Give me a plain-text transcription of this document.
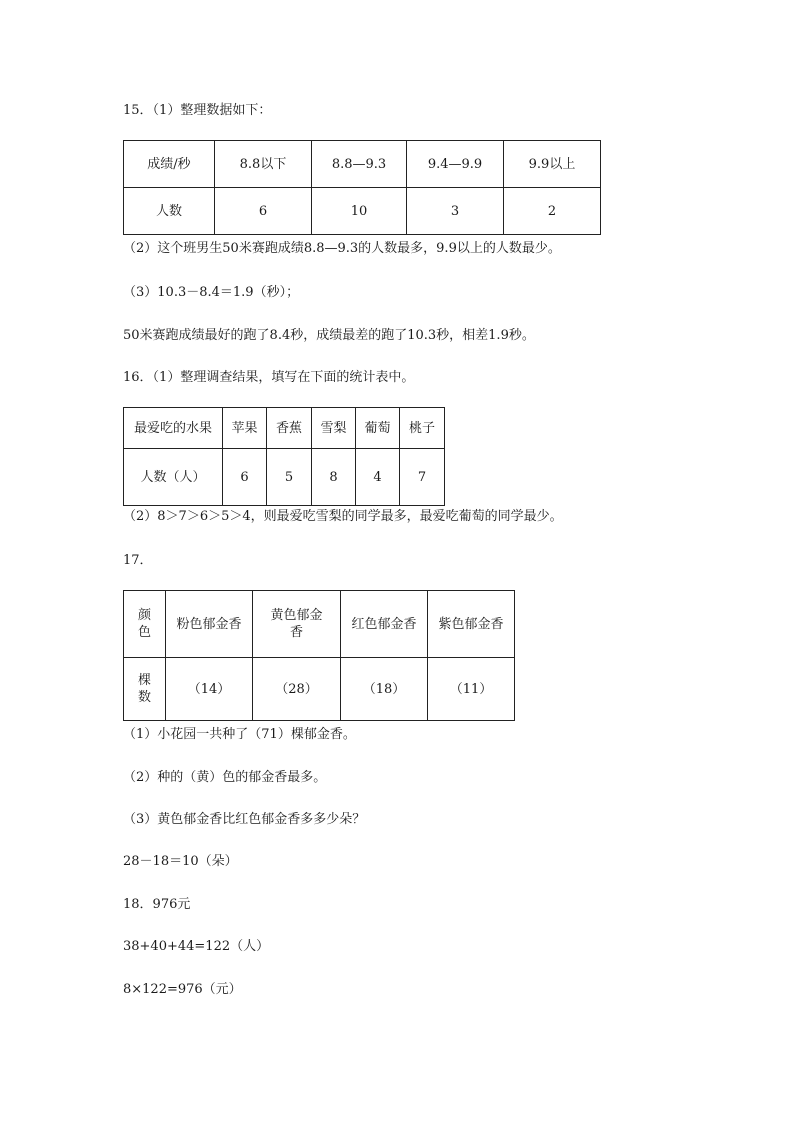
15．（1）整理数据如下：
成绩/秒	8.8以下	8.8—9.3	9.4—9.9	9.9以上
人数	6	10	3	2
（2）这个班男生50米赛跑成绩8.8—9.3的人数最多，9.9以上的人数最少。
（3）10.3－8.4＝1.9（秒）；
50米赛跑成绩最好的跑了8.4秒，成绩最差的跑了10.3秒，相差1.9秒。
16．（1）整理调查结果，填写在下面的统计表中。
最爱吃的水果	苹果	香蕉	雪梨	葡萄	桃子
人数（人）	6	5	8	4	7
（2）8＞7＞6＞5＞4，则最爱吃雪梨的同学最多，最爱吃葡萄的同学最少。
17．
颜色	粉色郁金香	黄色郁金香	红色郁金香	紫色郁金香
棵数	（14）	（28）	（18）	（11）
（1）小花园一共种了（71）棵郁金香。
（2）种的（黄）色的郁金香最多。
（3）黄色郁金香比红色郁金香多多少朵？
28－18＝10（朵）
18．976元
38+40+44=122（人）
8×122=976（元）
